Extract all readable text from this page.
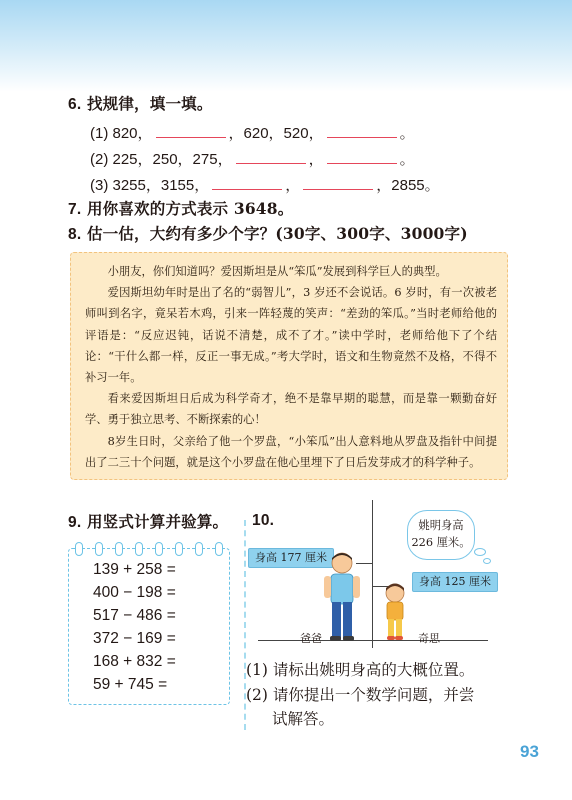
6. 找规律，填一填。
(1) 820，	，620，520，	。
(2) 225，250，275，	，	。
(3) 3255，3155，	，	，2855。
7. 用你喜欢的方式表示 3648。
8. 估一估，大约有多少个字？(30字、300字、3000字)

小朋友，你们知道吗？爱因斯坦是从“笨瓜”发展到科学巨人的典型。

爱因斯坦幼年时是出了名的“弱智儿”，3 岁还不会说话。6 岁时，有一次被老师叫到名字，竟呆若木鸡，引来一阵轻蔑的笑声：“差劲的笨瓜。”当时老师给他的评语是：“反应迟钝，话说不清楚，成不了才。”读中学时，老师给他下了个结论：“干什么都一样，反正一事无成。”考大学时，语文和生物竟然不及格，不得不补习一年。

看来爱因斯坦日后成为科学奇才，绝不是靠早期的聪慧，而是靠一颗勤奋好学、勇于独立思考、不断探索的心！

8岁生日时，父亲给了他一个罗盘，“小笨瓜”出人意料地从罗盘及指针中间提出了二三十个问题，就是这个小罗盘在他心里埋下了日后发芽成才的科学种子。

9. 用竖式计算并验算。
139 + 258 =
400 − 198 =
517 − 486 =
372 − 169 =
168 + 832 =
59 + 745 =
10.
身高 177 厘米
身高 125 厘米
姚明身高
226 厘米。
爸爸	奇思
(1) 请标出姚明身高的大概位置。
(2) 请你提出一个数学问题，并尝
试解答。
93
